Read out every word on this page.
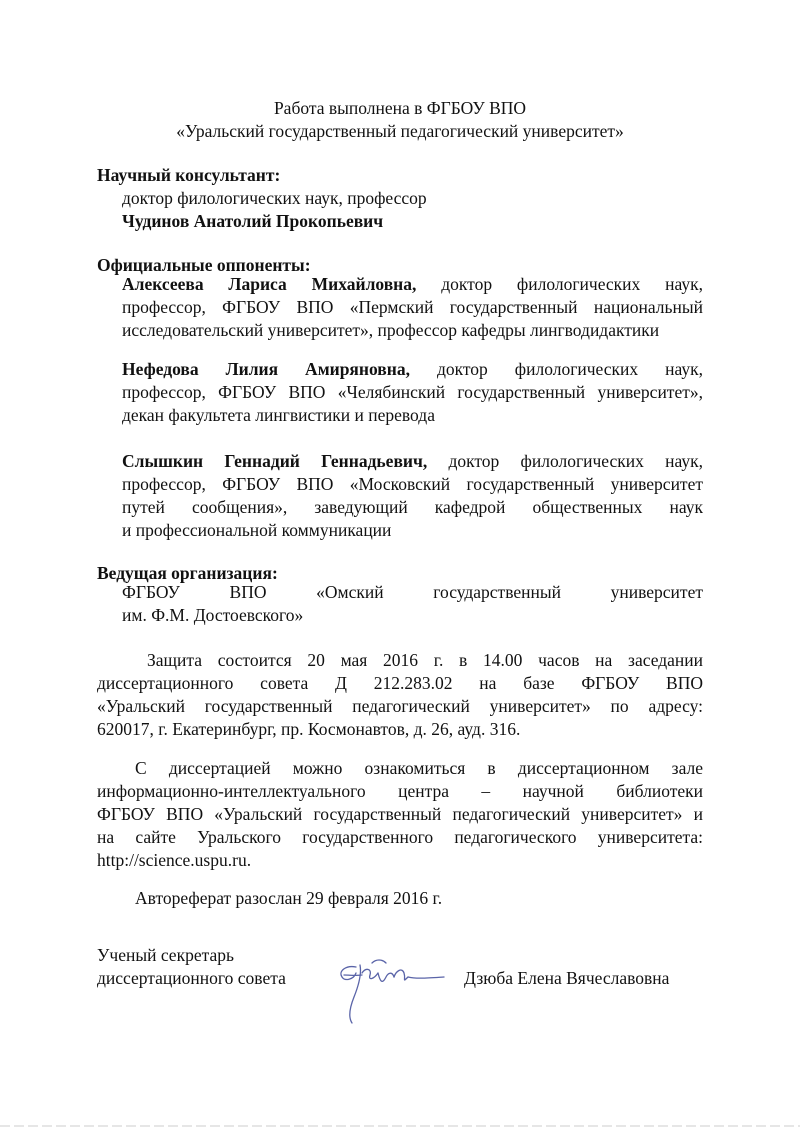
Работа выполнена в ФГБОУ ВПО
«Уральский государственный педагогический университет»
Научный консультант:
доктор филологических наук, профессор
Чудинов Анатолий Прокопьевич
Официальные оппоненты:
Алексеева Лариса Михайловна, доктор филологических наук,
профессор, ФГБОУ ВПО «Пермский государственный национальный
исследовательский университет», профессор кафедры лингводидактики
Нефедова Лилия Амиряновна, доктор филологических наук,
профессор, ФГБОУ ВПО «Челябинский государственный университет»,
декан факультета лингвистики и перевода
Слышкин Геннадий Геннадьевич, доктор филологических наук,
профессор, ФГБОУ ВПО «Московский государственный университет
путей сообщения», заведующий кафедрой общественных наук
и профессиональной коммуникации
Ведущая организация:
ФГБОУ ВПО «Омский государственный университет
им. Ф.М. Достоевского»
Защита состоится 20 мая 2016 г. в 14.00 часов на заседании
диссертационного совета Д 212.283.02 на базе ФГБОУ ВПО
«Уральский государственный педагогический университет» по адресу:
620017, г. Екатеринбург, пр. Космонавтов, д. 26, ауд. 316.
С диссертацией можно ознакомиться в диссертационном зале
информационно-интеллектуального центра – научной библиотеки
ФГБОУ ВПО «Уральский государственный педагогический университет» и
на сайте Уральского государственного педагогического университета:
http://science.uspu.ru.
Автореферат разослан 29 февраля 2016 г.
Ученый секретарь
диссертационного совета	Дзюба Елена Вячеславовна
